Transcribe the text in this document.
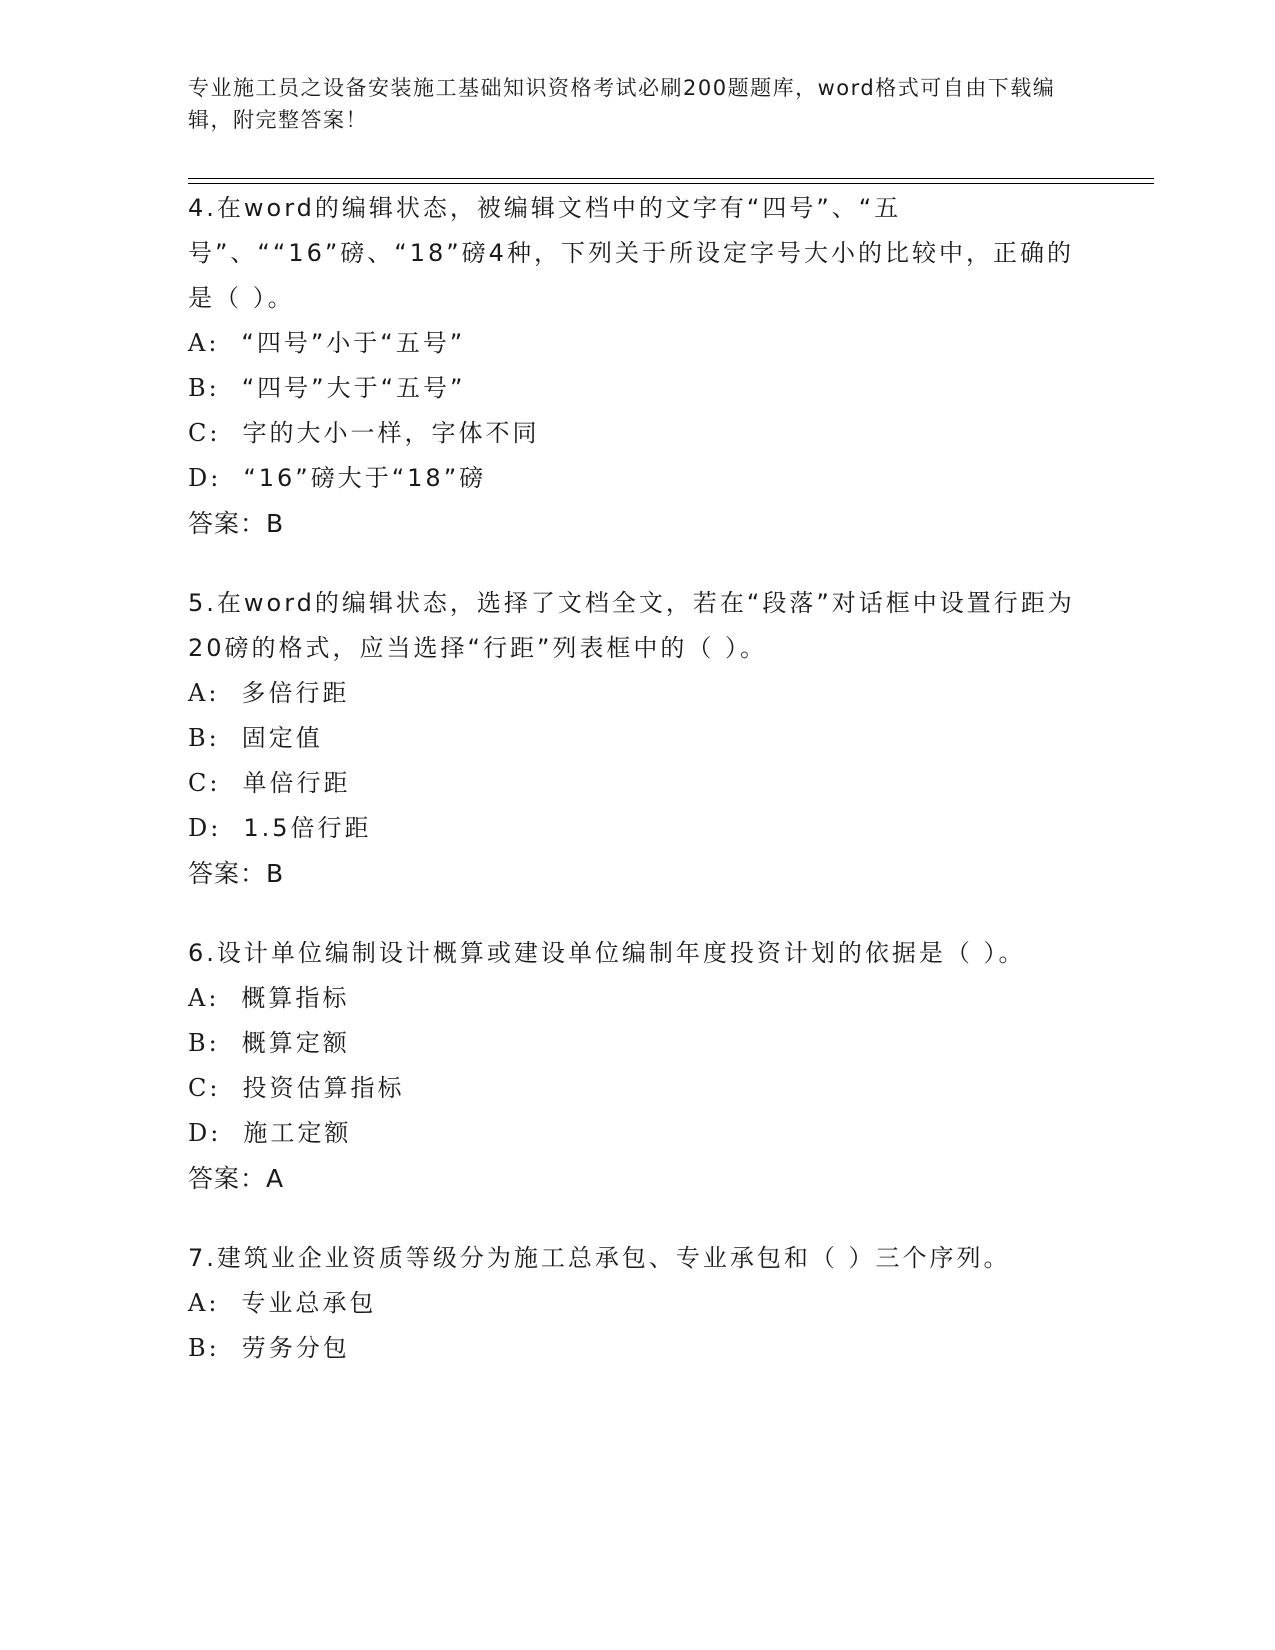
专业施工员之设备安装施工基础知识资格考试必刷200题题库，word格式可自由下载编辑，附完整答案！

4.在word的编辑状态，被编辑文档中的文字有“四号”、“五号”、““16”磅、“18”磅4种，下列关于所设定字号大小的比较中，正确的是（ ）。

A: “四号”小于“五号”
B: “四号”大于“五号”
C: 字的大小一样，字体不同
D: “16”磅大于“18”磅

答案：B

5.在word的编辑状态，选择了文档全文，若在“段落”对话框中设置行距为20磅的格式，应当选择“行距”列表框中的（ ）。

A: 多倍行距
B: 固定值
C: 单倍行距
D: 1.5倍行距

答案：B

6.设计单位编制设计概算或建设单位编制年度投资计划的依据是（ ）。

A: 概算指标
B: 概算定额
C: 投资估算指标
D: 施工定额

答案：A

7.建筑业企业资质等级分为施工总承包、专业承包和（ ）三个序列。

A: 专业总承包
B: 劳务分包
